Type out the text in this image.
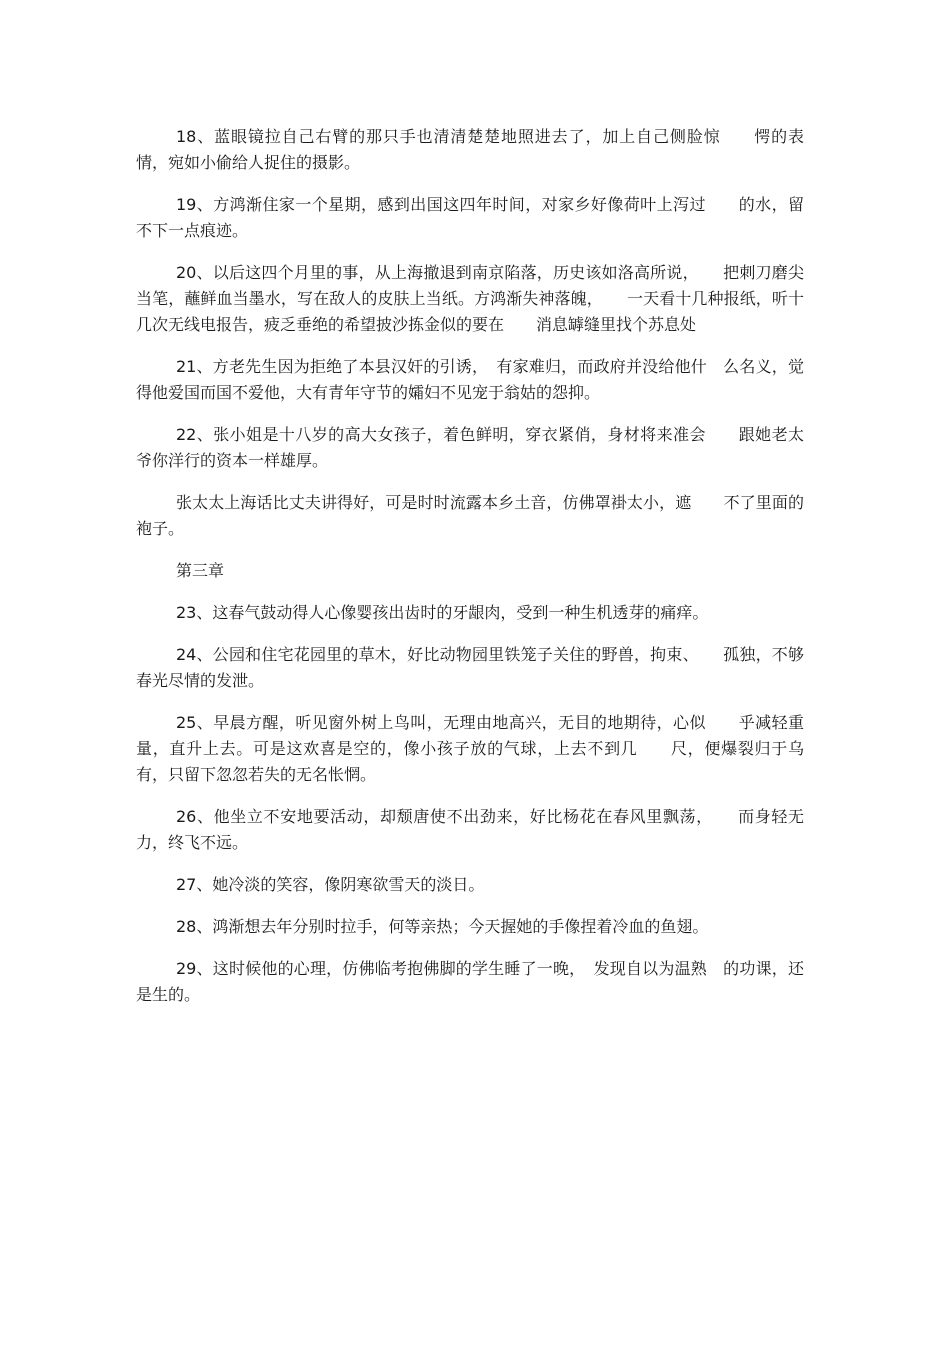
18、蓝眼镜拉自己右臂的那只手也清清楚楚地照进去了，加上自己侧脸惊　　愕的表情，宛如小偷给人捉住的摄影。

19、方鸿渐住家一个星期，感到出国这四年时间，对家乡好像荷叶上泻过　　的水，留不下一点痕迹。

20、以后这四个月里的事，从上海撤退到南京陷落，历史该如洛高所说，　　把刺刀磨尖当笔，蘸鲜血当墨水，写在敌人的皮肤上当纸。方鸿渐失神落魄，　　一天看十几种报纸，听十几次无线电报告，疲乏垂绝的希望披沙拣金似的要在　　消息罅缝里找个苏息处

21、方老先生因为拒绝了本县汉奸的引诱，　有家难归，而政府并没给他什　么名义，觉得他爱国而国不爱他，大有青年守节的孀妇不见宠于翁姑的怨抑。

22、张小姐是十八岁的高大女孩子，着色鲜明，穿衣紧俏，身材将来准会　　跟她老太爷你洋行的资本一样雄厚。

张太太上海话比丈夫讲得好，可是时时流露本乡土音，仿佛罩褂太小，遮　　不了里面的袍子。

第三章

23、这春气鼓动得人心像婴孩出齿时的牙龈肉，受到一种生机透芽的痛痒。

24、公园和住宅花园里的草木，好比动物园里铁笼子关住的野兽，拘束、　　孤独，不够春光尽情的发泄。

25、早晨方醒，听见窗外树上鸟叫，无理由地高兴，无目的地期待，心似　　乎减轻重量，直升上去。可是这欢喜是空的，像小孩子放的气球，上去不到几　　尺，便爆裂归于乌有，只留下忽忽若失的无名怅惘。

26、他坐立不安地要活动，却颓唐使不出劲来，好比杨花在春风里飘荡，　　而身轻无力，终飞不远。

27、她冷淡的笑容，像阴寒欲雪天的淡日。

28、鸿渐想去年分别时拉手，何等亲热；今天握她的手像捏着冷血的鱼翅。

29、这时候他的心理，仿佛临考抱佛脚的学生睡了一晚，　发现自以为温熟　的功课，还是生的。
